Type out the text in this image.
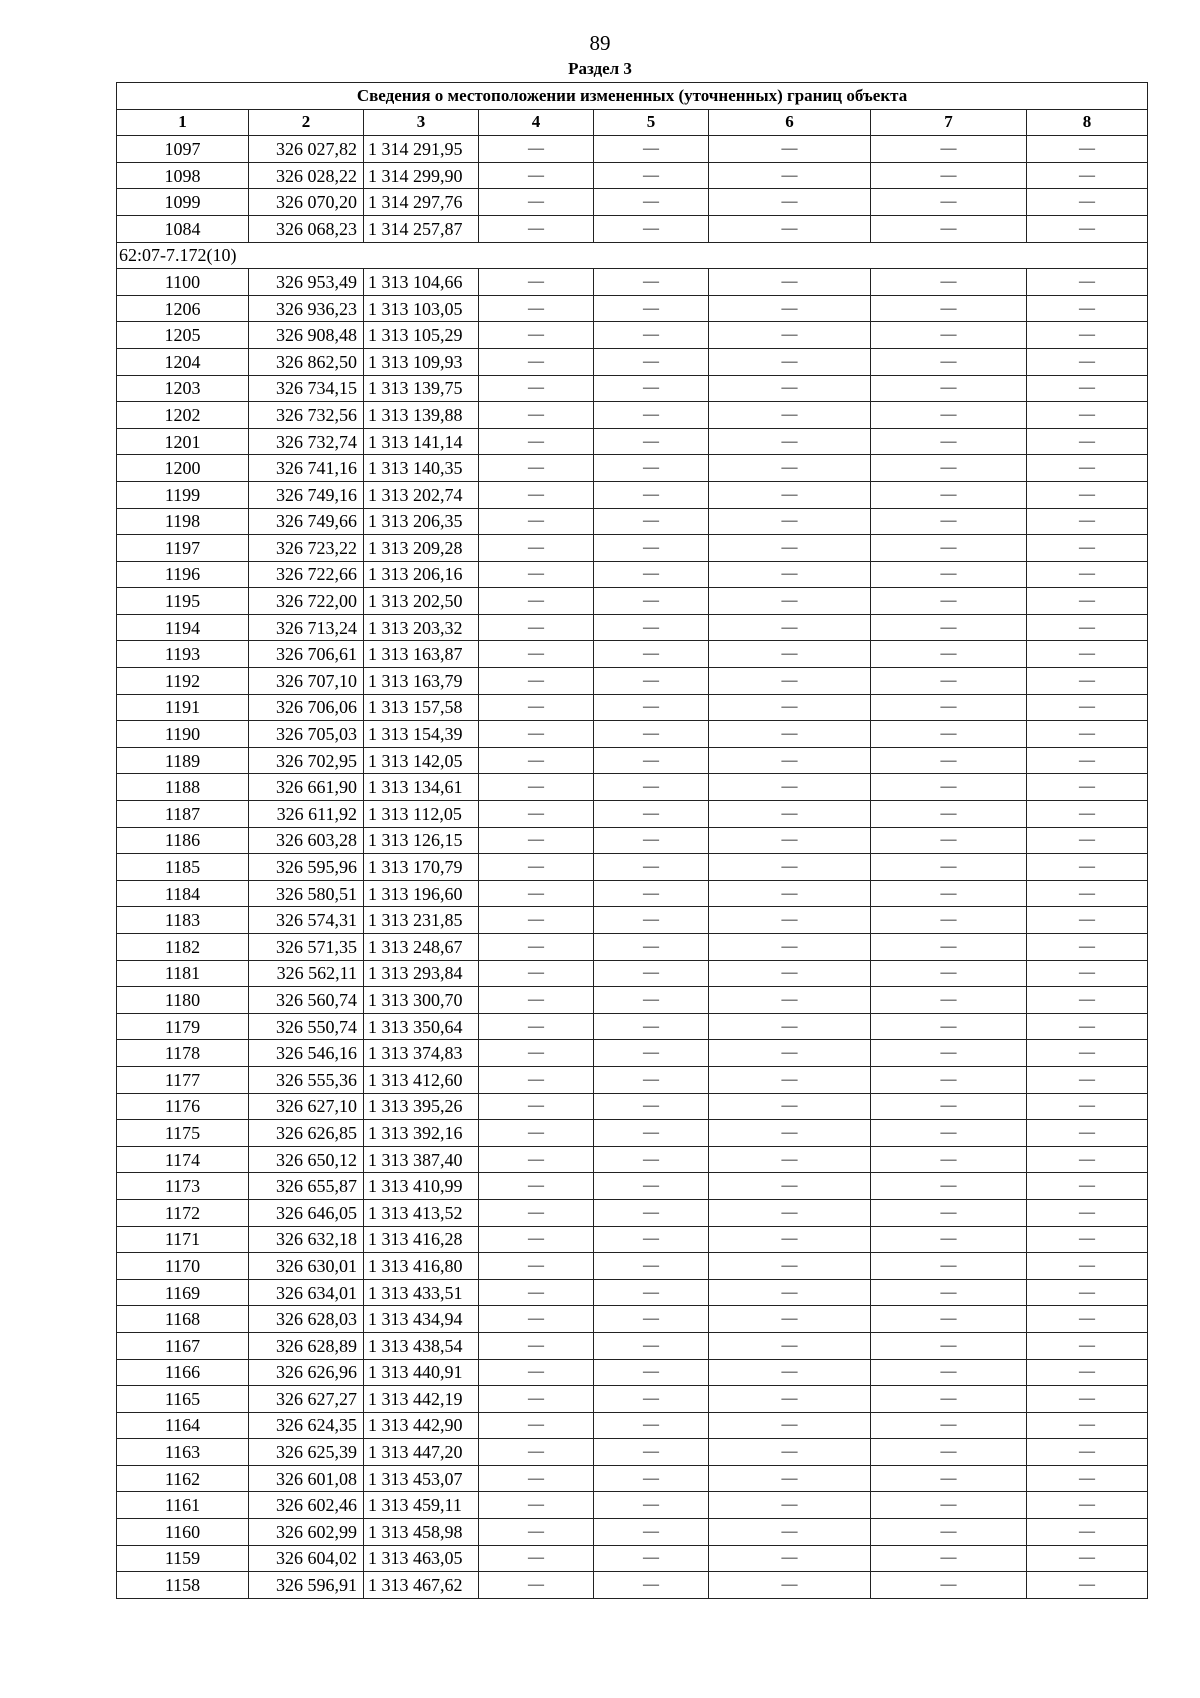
89
Раздел 3
Сведения о местоположении измененных (уточненных) границ объекта							
1	2	3	4	5	6	7	8
1097	326 027,82	1 314 291,95	—	—	—	—	—
1098	326 028,22	1 314 299,90	—	—	—	—	—
1099	326 070,20	1 314 297,76	—	—	—	—	—
1084	326 068,23	1 314 257,87	—	—	—	—	—
62:07-7.172(10)							
1100	326 953,49	1 313 104,66	—	—	—	—	—
1206	326 936,23	1 313 103,05	—	—	—	—	—
1205	326 908,48	1 313 105,29	—	—	—	—	—
1204	326 862,50	1 313 109,93	—	—	—	—	—
1203	326 734,15	1 313 139,75	—	—	—	—	—
1202	326 732,56	1 313 139,88	—	—	—	—	—
1201	326 732,74	1 313 141,14	—	—	—	—	—
1200	326 741,16	1 313 140,35	—	—	—	—	—
1199	326 749,16	1 313 202,74	—	—	—	—	—
1198	326 749,66	1 313 206,35	—	—	—	—	—
1197	326 723,22	1 313 209,28	—	—	—	—	—
1196	326 722,66	1 313 206,16	—	—	—	—	—
1195	326 722,00	1 313 202,50	—	—	—	—	—
1194	326 713,24	1 313 203,32	—	—	—	—	—
1193	326 706,61	1 313 163,87	—	—	—	—	—
1192	326 707,10	1 313 163,79	—	—	—	—	—
1191	326 706,06	1 313 157,58	—	—	—	—	—
1190	326 705,03	1 313 154,39	—	—	—	—	—
1189	326 702,95	1 313 142,05	—	—	—	—	—
1188	326 661,90	1 313 134,61	—	—	—	—	—
1187	326 611,92	1 313 112,05	—	—	—	—	—
1186	326 603,28	1 313 126,15	—	—	—	—	—
1185	326 595,96	1 313 170,79	—	—	—	—	—
1184	326 580,51	1 313 196,60	—	—	—	—	—
1183	326 574,31	1 313 231,85	—	—	—	—	—
1182	326 571,35	1 313 248,67	—	—	—	—	—
1181	326 562,11	1 313 293,84	—	—	—	—	—
1180	326 560,74	1 313 300,70	—	—	—	—	—
1179	326 550,74	1 313 350,64	—	—	—	—	—
1178	326 546,16	1 313 374,83	—	—	—	—	—
1177	326 555,36	1 313 412,60	—	—	—	—	—
1176	326 627,10	1 313 395,26	—	—	—	—	—
1175	326 626,85	1 313 392,16	—	—	—	—	—
1174	326 650,12	1 313 387,40	—	—	—	—	—
1173	326 655,87	1 313 410,99	—	—	—	—	—
1172	326 646,05	1 313 413,52	—	—	—	—	—
1171	326 632,18	1 313 416,28	—	—	—	—	—
1170	326 630,01	1 313 416,80	—	—	—	—	—
1169	326 634,01	1 313 433,51	—	—	—	—	—
1168	326 628,03	1 313 434,94	—	—	—	—	—
1167	326 628,89	1 313 438,54	—	—	—	—	—
1166	326 626,96	1 313 440,91	—	—	—	—	—
1165	326 627,27	1 313 442,19	—	—	—	—	—
1164	326 624,35	1 313 442,90	—	—	—	—	—
1163	326 625,39	1 313 447,20	—	—	—	—	—
1162	326 601,08	1 313 453,07	—	—	—	—	—
1161	326 602,46	1 313 459,11	—	—	—	—	—
1160	326 602,99	1 313 458,98	—	—	—	—	—
1159	326 604,02	1 313 463,05	—	—	—	—	—
1158	326 596,91	1 313 467,62	—	—	—	—	—
